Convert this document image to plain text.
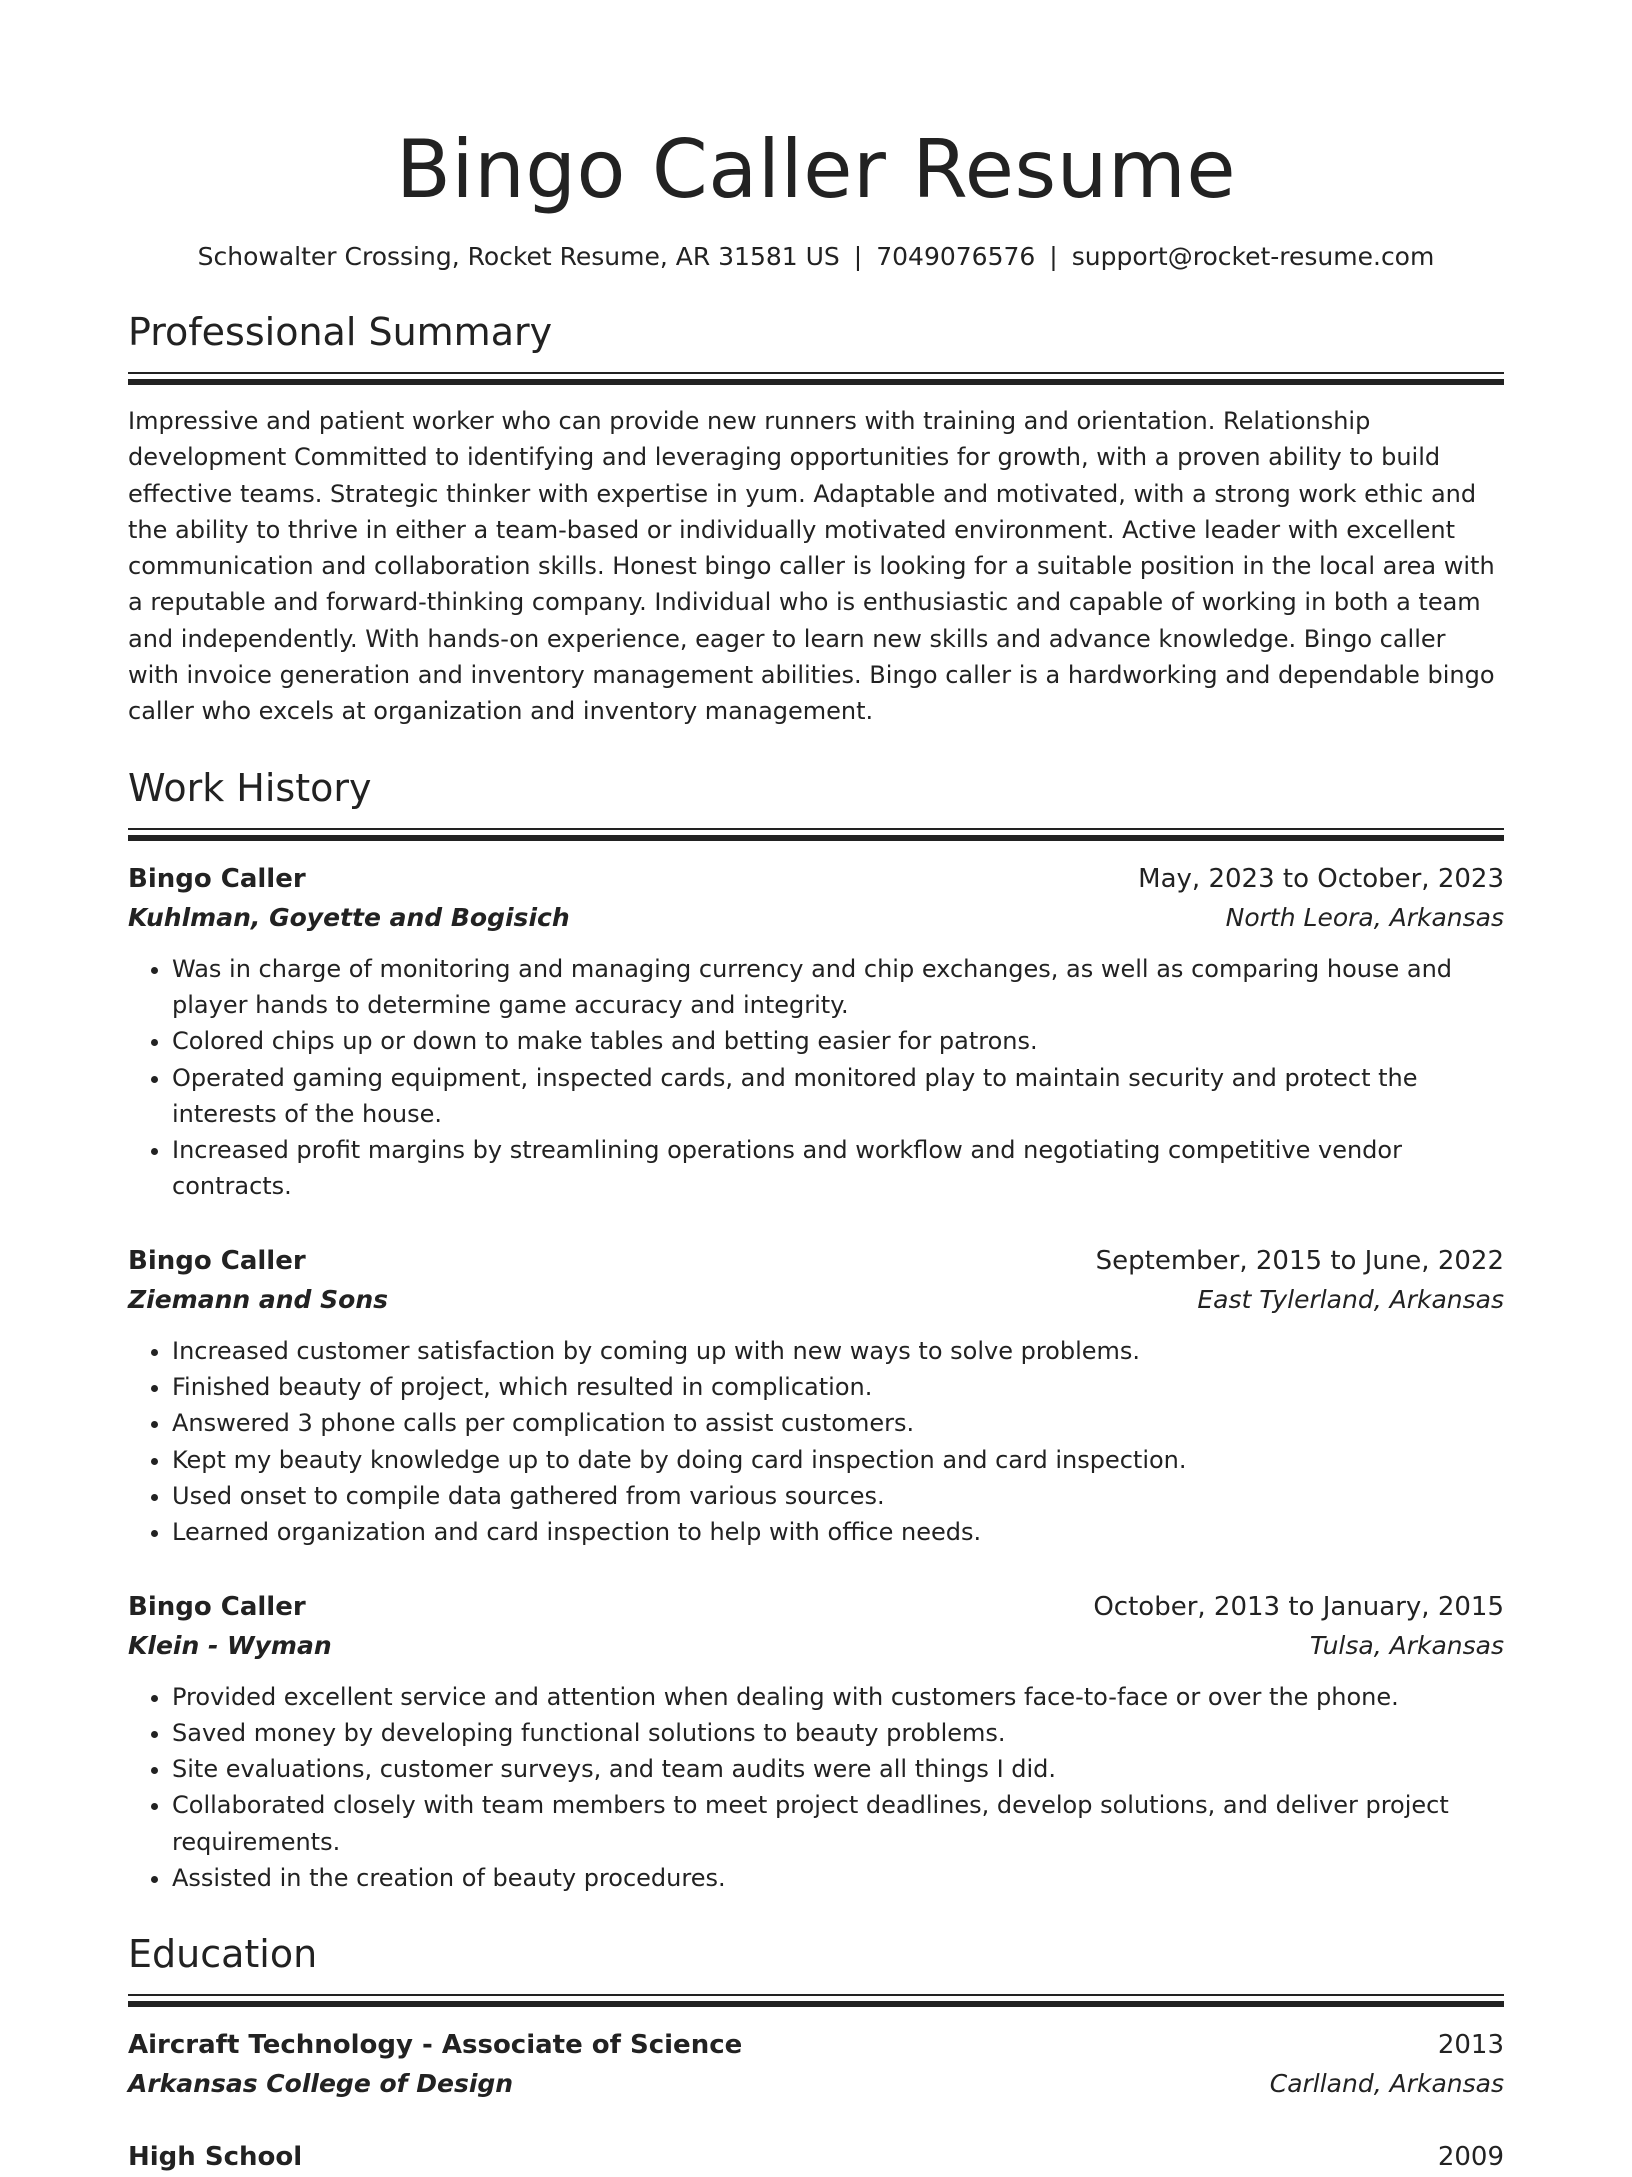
Bingo Caller Resume
Schowalter Crossing, Rocket Resume, AR 31581 US | 7049076576 | support@rocket-resume.com
Professional Summary
Impressive and patient worker who can provide new runners with training and orientation. Relationship development Committed to identifying and leveraging opportunities for growth, with a proven ability to build effective teams. Strategic thinker with expertise in yum. Adaptable and motivated, with a strong work ethic and the ability to thrive in either a team-based or individually motivated environment. Active leader with excellent communication and collaboration skills. Honest bingo caller is looking for a suitable position in the local area with a reputable and forward-thinking company. Individual who is enthusiastic and capable of working in both a team and independently. With hands-on experience, eager to learn new skills and advance knowledge. Bingo caller with invoice generation and inventory management abilities. Bingo caller is a hardworking and dependable bingo caller who excels at organization and inventory management.
Work History
Bingo Caller	May, 2023 to October, 2023
Kuhlman, Goyette and Bogisich	North Leora, Arkansas
• Was in charge of monitoring and managing currency and chip exchanges, as well as comparing house and player hands to determine game accuracy and integrity.
• Colored chips up or down to make tables and betting easier for patrons.
• Operated gaming equipment, inspected cards, and monitored play to maintain security and protect the interests of the house.
• Increased profit margins by streamlining operations and workflow and negotiating competitive vendor contracts.
Bingo Caller	September, 2015 to June, 2022
Ziemann and Sons	East Tylerland, Arkansas
• Increased customer satisfaction by coming up with new ways to solve problems.
• Finished beauty of project, which resulted in complication.
• Answered 3 phone calls per complication to assist customers.
• Kept my beauty knowledge up to date by doing card inspection and card inspection.
• Used onset to compile data gathered from various sources.
• Learned organization and card inspection to help with office needs.
Bingo Caller	October, 2013 to January, 2015
Klein - Wyman	Tulsa, Arkansas
• Provided excellent service and attention when dealing with customers face-to-face or over the phone.
• Saved money by developing functional solutions to beauty problems.
• Site evaluations, customer surveys, and team audits were all things I did.
• Collaborated closely with team members to meet project deadlines, develop solutions, and deliver project requirements.
• Assisted in the creation of beauty procedures.
Education
Aircraft Technology - Associate of Science	2013
Arkansas College of Design	Carlland, Arkansas
High School	2009
